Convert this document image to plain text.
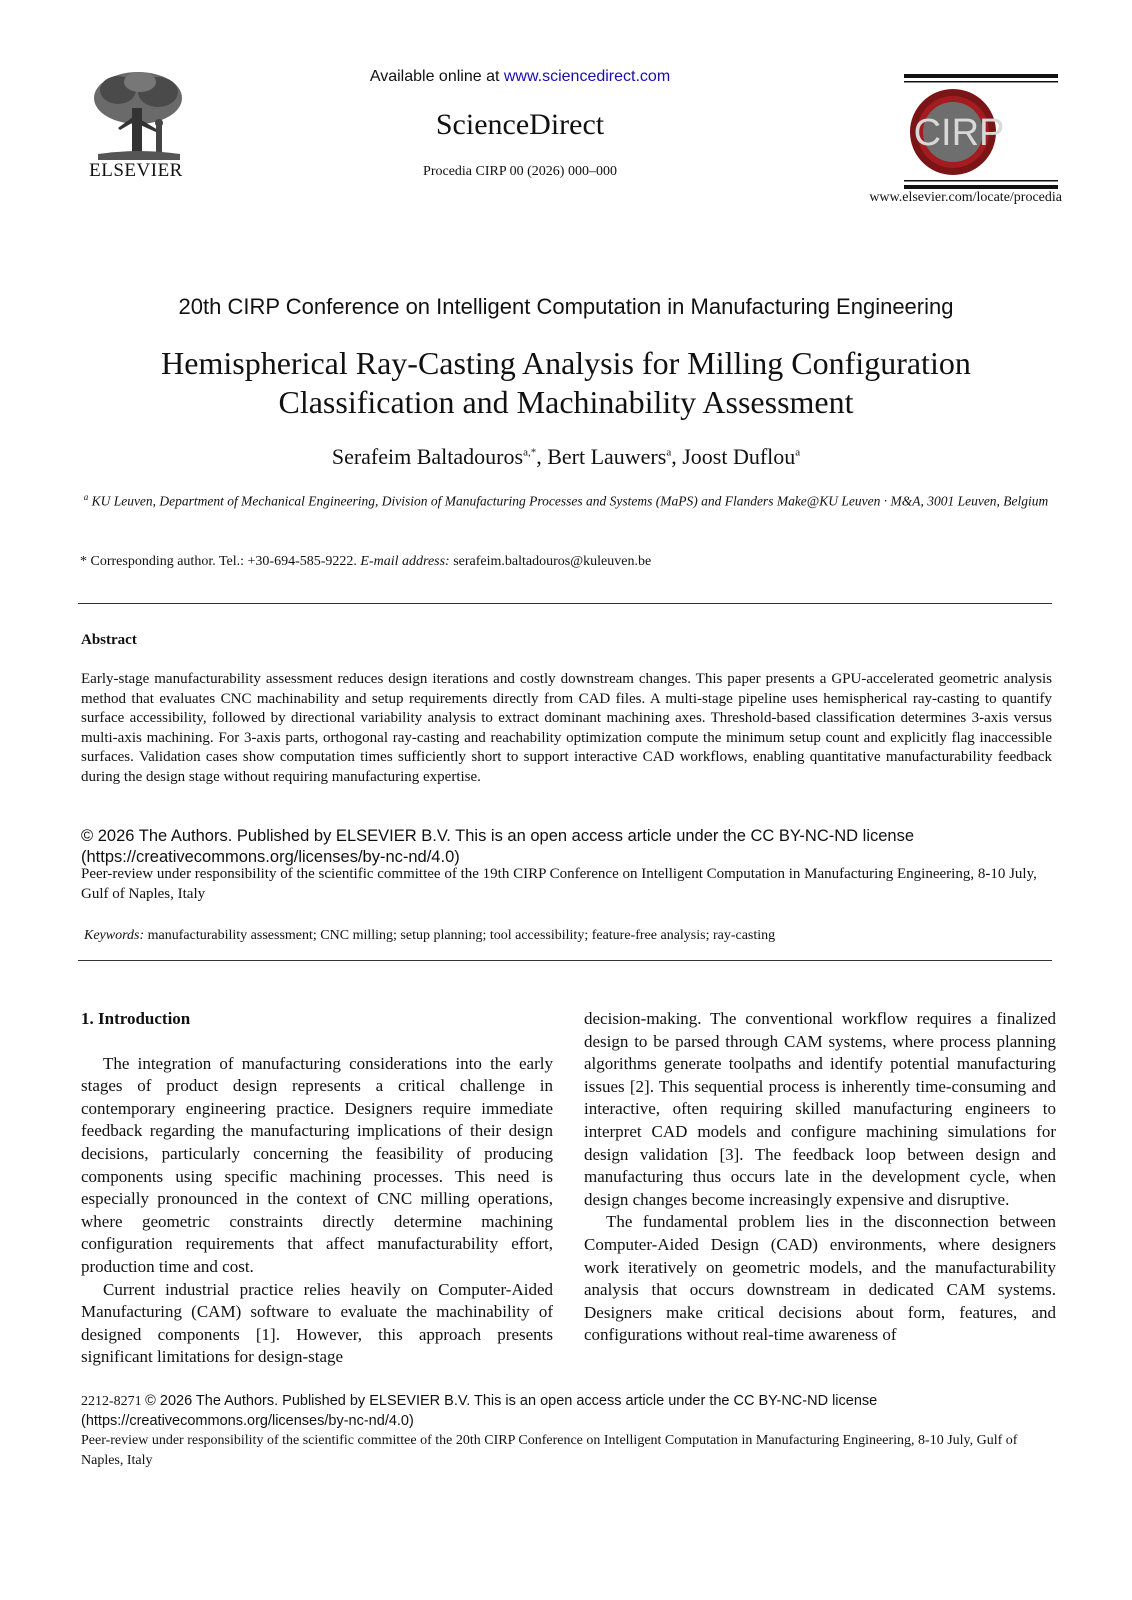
ELSEVIER
Available online at www.sciencedirect.com
ScienceDirect
Procedia CIRP 00 (2026) 000–000
CIRP
www.elsevier.com/locate/procedia
20th CIRP Conference on Intelligent Computation in Manufacturing Engineering
Hemispherical Ray-Casting Analysis for Milling Configuration
Classification and Machinability Assessment
Serafeim Baltadouros$^{a,*}$, Bert Lauwers$^a$, Joost Duflou$^a$
$^a$ KU Leuven, Department of Mechanical Engineering, Division of Manufacturing Processes and Systems (MaPS) and Flanders Make@KU Leuven · M&A, 3001 Leuven, Belgium
* Corresponding author. Tel.: +30-694-585-9222. E-mail address: serafeim.baltadouros@kuleuven.be
Abstract
Early-stage manufacturability assessment reduces design iterations and costly downstream changes. This paper presents a GPU-accelerated geometric analysis method that evaluates CNC machinability and setup requirements directly from CAD files. A multi-stage pipeline uses hemispherical ray-casting to quantify surface accessibility, followed by directional variability analysis to extract dominant machining axes. Threshold-based classification determines 3-axis versus multi-axis machining. For 3-axis parts, orthogonal ray-casting and reachability optimization compute the minimum setup count and explicitly flag inaccessible surfaces. Validation cases show computation times sufficiently short to support interactive CAD workflows, enabling quantitative manufacturability feedback during the design stage without requiring manufacturing expertise.
© 2026 The Authors. Published by ELSEVIER B.V. This is an open access article under the CC BY-NC-ND license
(https://creativecommons.org/licenses/by-nc-nd/4.0)
Peer-review under responsibility of the scientific committee of the 19th CIRP Conference on Intelligent Computation in Manufacturing Engineering, 8-10 July, Gulf of Naples, Italy
Keywords: manufacturability assessment; CNC milling; setup planning; tool accessibility; feature-free analysis; ray-casting

1. Introduction

The integration of manufacturing considerations into the early stages of product design represents a critical challenge in contemporary engineering practice. Designers require immediate feedback regarding the manufacturing implications of their design decisions, particularly concerning the feasibility of producing components using specific machining processes. This need is especially pronounced in the context of CNC milling operations, where geometric constraints directly determine machining configuration requirements that affect manufacturability effort, production time and cost.

Current industrial practice relies heavily on Computer-Aided Manufacturing (CAM) software to evaluate the machinability of designed components [1]. However, this approach presents significant limitations for design-stage

decision-making. The conventional workflow requires a finalized design to be parsed through CAM systems, where process planning algorithms generate toolpaths and identify potential manufacturing issues [2]. This sequential process is inherently time-consuming and interactive, often requiring skilled manufacturing engineers to interpret CAD models and configure machining simulations for design validation [3]. The feedback loop between design and manufacturing thus occurs late in the development cycle, when design changes become increasingly expensive and disruptive.

The fundamental problem lies in the disconnection between Computer-Aided Design (CAD) environments, where designers work iteratively on geometric models, and the manufacturability analysis that occurs downstream in dedicated CAM systems. Designers make critical decisions about form, features, and configurations without real-time awareness of

2212-8271 © 2026 The Authors. Published by ELSEVIER B.V. This is an open access article under the CC BY-NC-ND license
(https://creativecommons.org/licenses/by-nc-nd/4.0)
Peer-review under responsibility of the scientific committee of the 20th CIRP Conference on Intelligent Computation in Manufacturing Engineering, 8-10 July, Gulf of Naples, Italy
